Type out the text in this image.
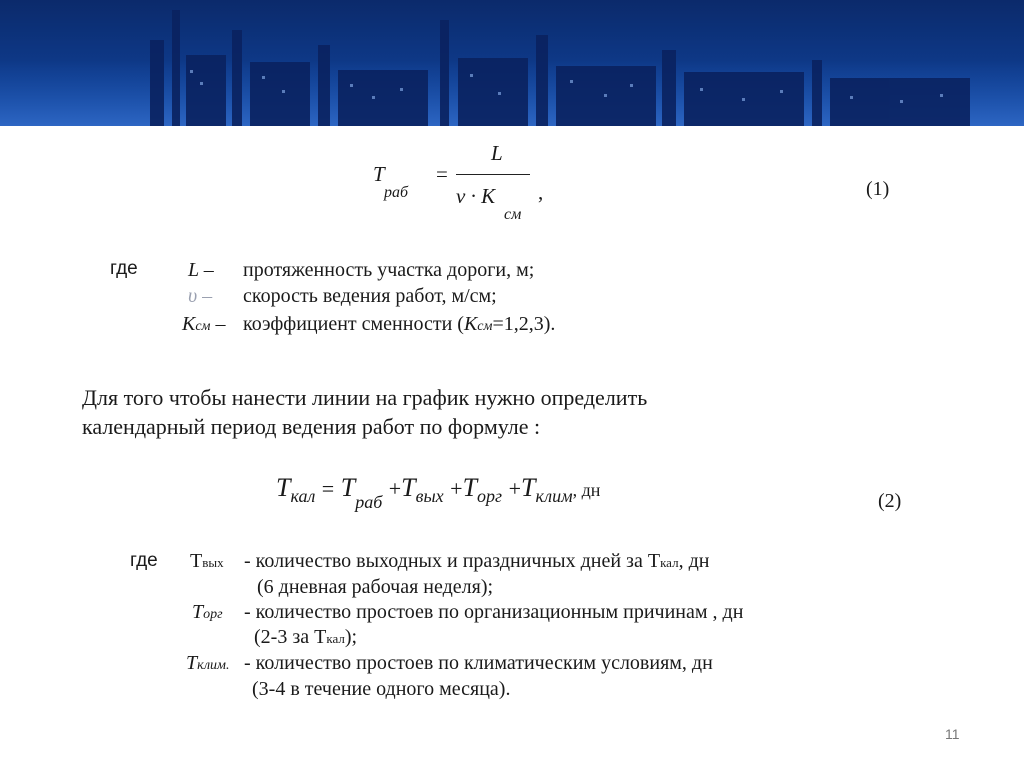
T
раб
=
L
ν · K
см
,	(1)
где	L – протяженность участка дороги, м;
υ – скорость ведения работ, м/см;
Kсм – коэффициент сменности (Kсм=1,2,3).
Для того чтобы нанести линии на график нужно определить
календарный период ведения работ по формуле :
$T_{кал} = T_{раб} +T_{вых} +T_{орг} +T_{клим}$, дн	(2)
где Tвых - количество выходных и праздничных дней за Tкал, дн
(6 дневная рабочая неделя);
Tорг - количество простоев по организационным причинам , дн
(2-3 за Tкал);
Tклим. - количество простоев по климатическим условиям, дн
(3-4 в течение одного месяца).
11
